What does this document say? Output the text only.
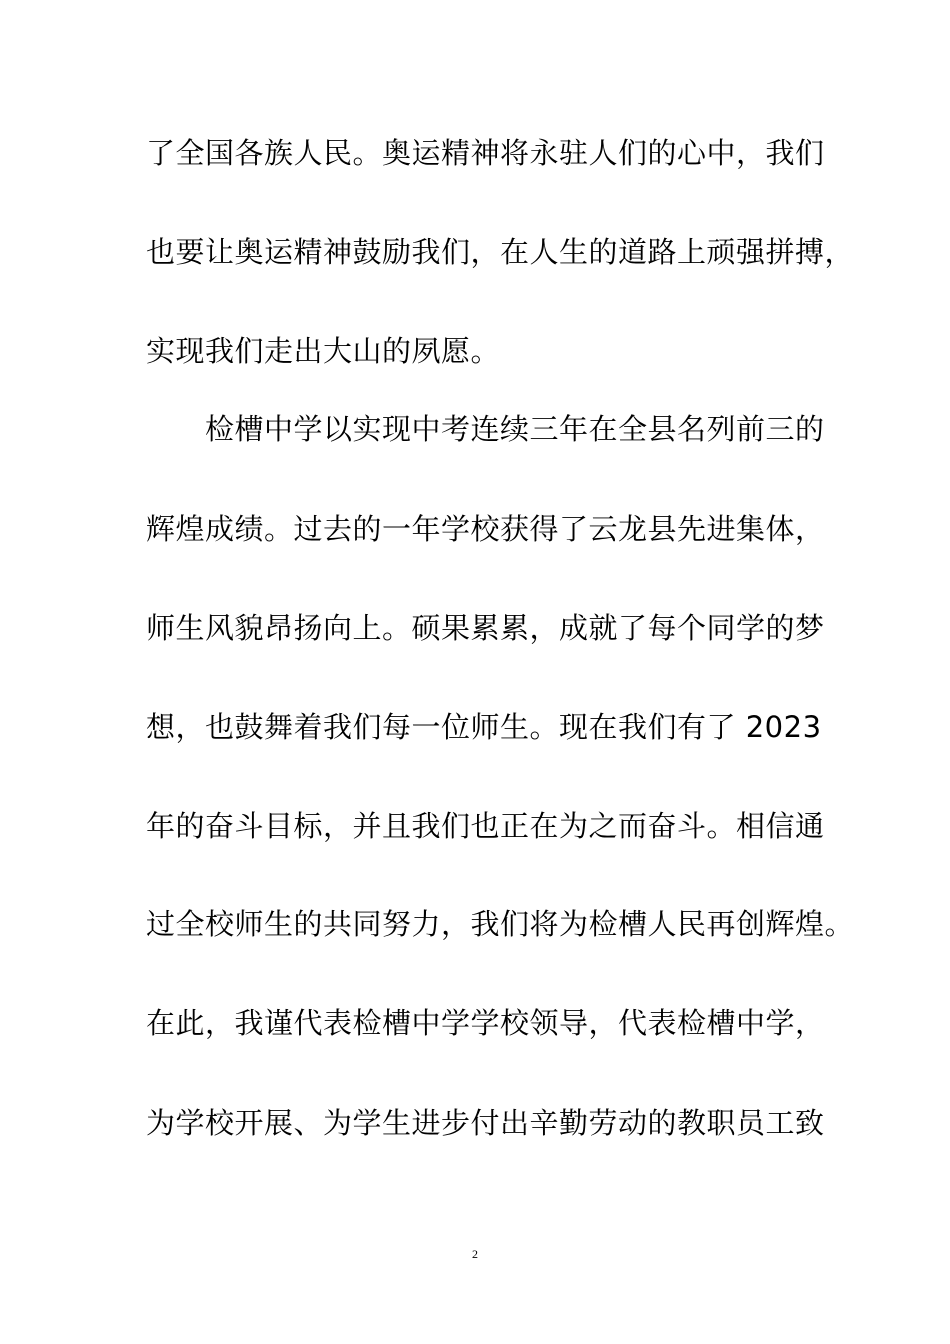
了全国各族人民。奥运精神将永驻人们的心中，我们
也要让奥运精神鼓励我们，在人生的道路上顽强拼搏，
实现我们走出大山的夙愿。
　　检槽中学以实现中考连续三年在全县名列前三的
辉煌成绩。过去的一年学校获得了云龙县先进集体，
师生风貌昂扬向上。硕果累累，成就了每个同学的梦
想，也鼓舞着我们每一位师生。现在我们有了 2023
年的奋斗目标，并且我们也正在为之而奋斗。相信通
过全校师生的共同努力，我们将为检槽人民再创辉煌。
在此，我谨代表检槽中学学校领导，代表检槽中学，
为学校开展、为学生进步付出辛勤劳动的教职员工致
2
